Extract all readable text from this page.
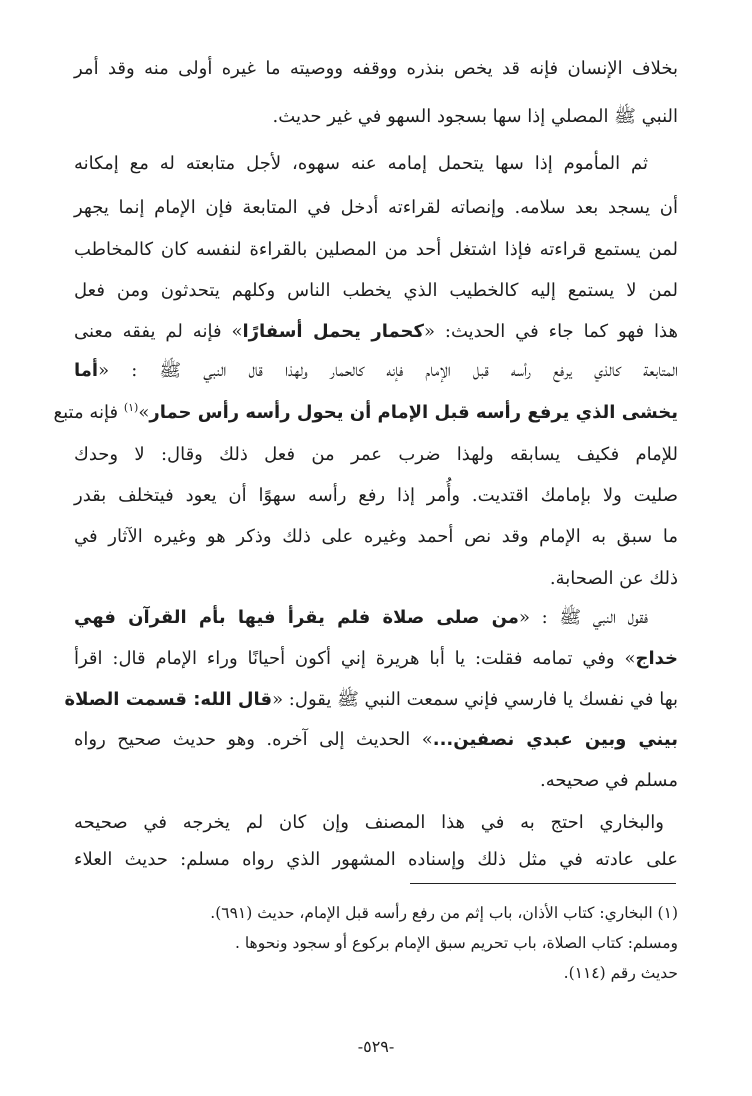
بخلاف الإنسان فإنه قد يخص بنذره ووقفه ووصيته ما غيره أولى منه وقد أمر
النبي ﷺ المصلي إذا سها بسجود السهو في غير حديث.
ثم المأموم إذا سها يتحمل إمامه عنه سهوه، لأجل متابعته له مع إمكانه
أن يسجد بعد سلامه. وإنصاته لقراءته أدخل في المتابعة فإن الإمام إنما يجهر
لمن يستمع قراءته فإذا اشتغل أحد من المصلين بالقراءة لنفسه كان كالمخاطب
لمن لا يستمع إليه كالخطيب الذي يخطب الناس وكلهم يتحدثون ومن فعل
هذا فهو كما جاء في الحديث: «كحمار يحمل أسفارًا» فإنه لم يفقه معنى
المتابعة كالذي يرفع رأسه قبل الإمام فإنه كالحمار ولهذا قال النبي ﷺ : «أما
يخشى الذي يرفع رأسه قبل الإمام أن يحول رأسه رأس حمار»$^{(١)}$ فإنه متبع
للإمام فكيف يسابقه ولهذا ضرب عمر من فعل ذلك وقال: لا وحدك
صليت ولا بإمامك اقتديت. وأُمر إذا رفع رأسه سهوًا أن يعود فيتخلف بقدر
ما سبق به الإمام وقد نص أحمد وغيره على ذلك وذكر هو وغيره الآثار في
ذلك عن الصحابة.
فقول النبي ﷺ : «من صلى صلاة فلم يقرأ فيها بأم القرآن فهي
خداج» وفي تمامه فقلت: يا أبا هريرة إني أكون أحيانًا وراء الإمام قال: اقرأ
بها في نفسك يا فارسي فإني سمعت النبي ﷺ يقول: «قال الله: قسمت الصلاة
بيني وبين عبدي نصفين...» الحديث إلى آخره. وهو حديث صحيح رواه
مسلم في صحيحه.
والبخاري احتج به في هذا المصنف وإن كان لم يخرجه في صحيحه
على عادته في مثل ذلك وإسناده المشهور الذي رواه مسلم: حديث العلاء
(١) البخاري: كتاب الأذان، باب إثم من رفع رأسه قبل الإمام، حديث (٦٩١).
ومسلم: كتاب الصلاة، باب تحريم سبق الإمام بركوع أو سجود ونحوها .
حديث رقم (١١٤).
-٥٢٩-
